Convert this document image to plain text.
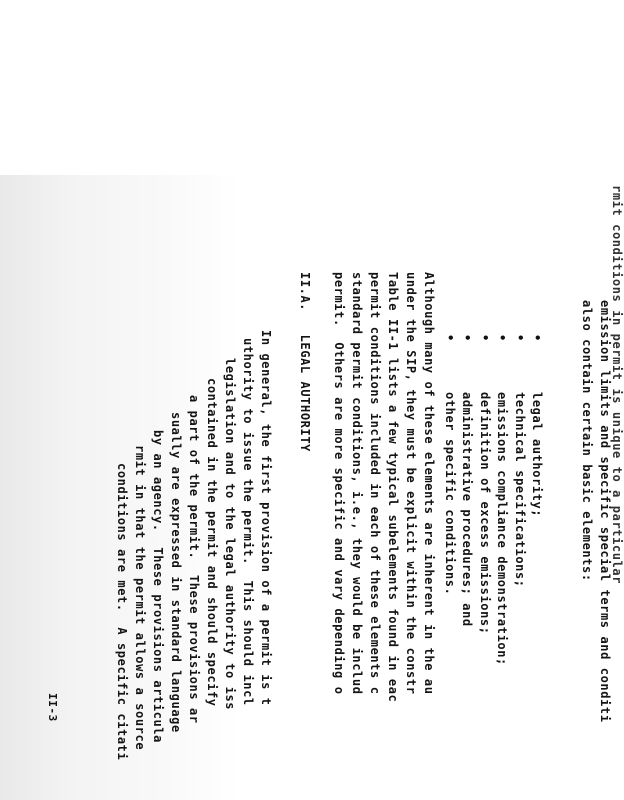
rmit conditions in permit is unique to a particular
emission limits and specific special terms and conditi
also contain certain basic elements:
•
legal authority;
•
technical specifications;
•
emissions compliance demonstration;
•
definition of excess emissions;
•
administrative procedures; and
•
other specific conditions.
Although many of these elements are inherent in the au
under the SIP, they must be explicit within the constr
Table II-1 lists a few typical subelements found in eac
permit conditions included in each of these elements c
standard permit conditions, i.e., they would be includ
permit.  Others are more specific and vary depending o
II.A.   LEGAL AUTHORITY
In general, the first provision of a permit is t
uthority to issue the permit.  This should incl
legislation and to the legal authority to iss
contained in the permit and should specify
a part of the permit.  These provisions ar
sually are expressed in standard language
by an agency.  These provisions articula
rmit in that the permit allows a source
conditions are met.  A specific citati
II-3
